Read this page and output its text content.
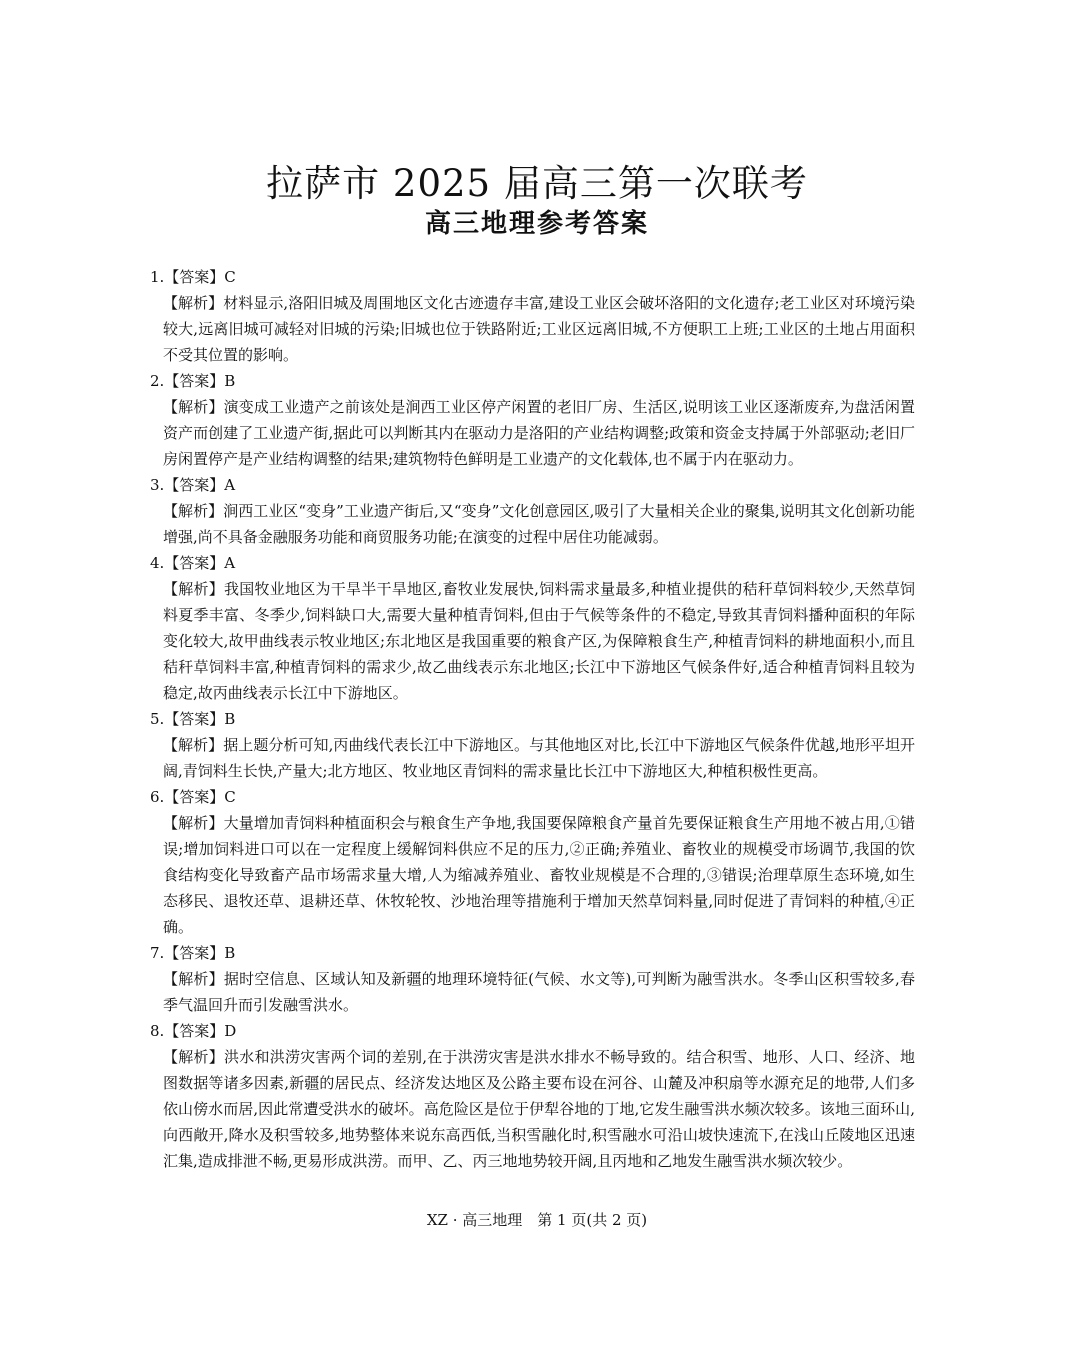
拉萨市 2025 届高三第一次联考
高三地理参考答案
1.【答案】C
【解析】材料显示,洛阳旧城及周围地区文化古迹遗存丰富,建设工业区会破坏洛阳的文化遗存;老工业区对环境污染较大,远离旧城可减轻对旧城的污染;旧城也位于铁路附近;工业区远离旧城,不方便职工上班;工业区的土地占用面积不受其位置的影响。
2.【答案】B
【解析】演变成工业遗产之前该处是涧西工业区停产闲置的老旧厂房、生活区,说明该工业区逐渐废弃,为盘活闲置资产而创建了工业遗产街,据此可以判断其内在驱动力是洛阳的产业结构调整;政策和资金支持属于外部驱动;老旧厂房闲置停产是产业结构调整的结果;建筑物特色鲜明是工业遗产的文化载体,也不属于内在驱动力。
3.【答案】A
【解析】涧西工业区“变身”工业遗产街后,又“变身”文化创意园区,吸引了大量相关企业的聚集,说明其文化创新功能增强,尚不具备金融服务功能和商贸服务功能;在演变的过程中居住功能减弱。
4.【答案】A
【解析】我国牧业地区为干旱半干旱地区,畜牧业发展快,饲料需求量最多,种植业提供的秸秆草饲料较少,天然草饲料夏季丰富、冬季少,饲料缺口大,需要大量种植青饲料,但由于气候等条件的不稳定,导致其青饲料播种面积的年际变化较大,故甲曲线表示牧业地区;东北地区是我国重要的粮食产区,为保障粮食生产,种植青饲料的耕地面积小,而且秸秆草饲料丰富,种植青饲料的需求少,故乙曲线表示东北地区;长江中下游地区气候条件好,适合种植青饲料且较为稳定,故丙曲线表示长江中下游地区。
5.【答案】B
【解析】据上题分析可知,丙曲线代表长江中下游地区。与其他地区对比,长江中下游地区气候条件优越,地形平坦开阔,青饲料生长快,产量大;北方地区、牧业地区青饲料的需求量比长江中下游地区大,种植积极性更高。
6.【答案】C
【解析】大量增加青饲料种植面积会与粮食生产争地,我国要保障粮食产量首先要保证粮食生产用地不被占用,①错误;增加饲料进口可以在一定程度上缓解饲料供应不足的压力,②正确;养殖业、畜牧业的规模受市场调节,我国的饮食结构变化导致畜产品市场需求量大增,人为缩减养殖业、畜牧业规模是不合理的,③错误;治理草原生态环境,如生态移民、退牧还草、退耕还草、休牧轮牧、沙地治理等措施利于增加天然草饲料量,同时促进了青饲料的种植,④正确。
7.【答案】B
【解析】据时空信息、区域认知及新疆的地理环境特征(气候、水文等),可判断为融雪洪水。冬季山区积雪较多,春季气温回升而引发融雪洪水。
8.【答案】D
【解析】洪水和洪涝灾害两个词的差别,在于洪涝灾害是洪水排水不畅导致的。结合积雪、地形、人口、经济、地图数据等诸多因素,新疆的居民点、经济发达地区及公路主要布设在河谷、山麓及冲积扇等水源充足的地带,人们多依山傍水而居,因此常遭受洪水的破坏。高危险区是位于伊犁谷地的丁地,它发生融雪洪水频次较多。该地三面环山,向西敞开,降水及积雪较多,地势整体来说东高西低,当积雪融化时,积雪融水可沿山坡快速流下,在浅山丘陵地区迅速汇集,造成排泄不畅,更易形成洪涝。而甲、乙、丙三地地势较开阔,且丙地和乙地发生融雪洪水频次较少。
XZ · 高三地理　第 1 页(共 2 页)
